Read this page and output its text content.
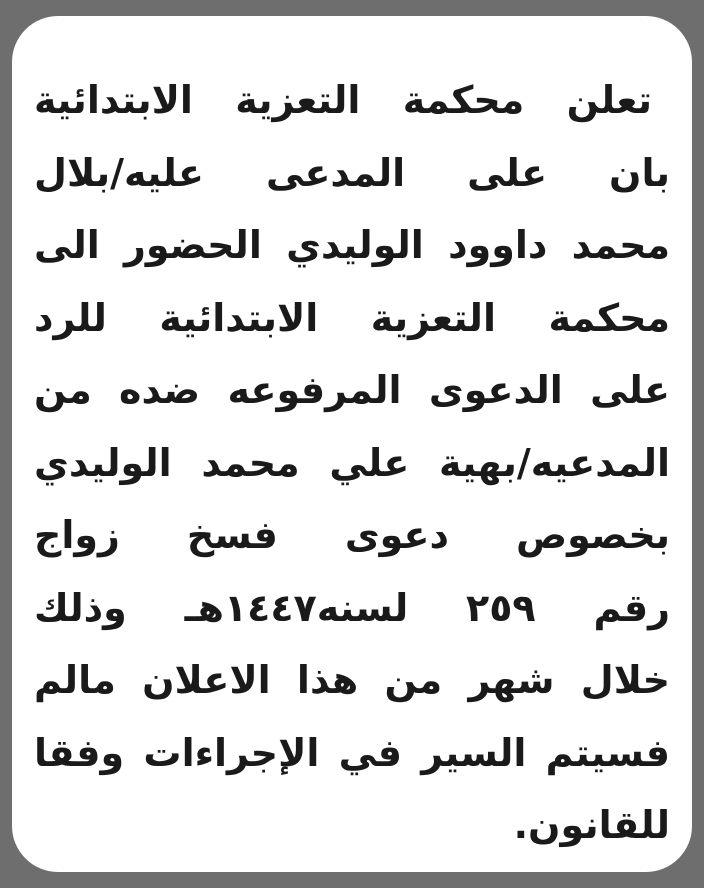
تعلن محكمة التعزية الابتدائية
بان على المدعى عليه/بلال
محمد داوود الوليدي الحضور الى
محكمة التعزية الابتدائية للرد
على الدعوى المرفوعه ضده من
المدعيه/بهية علي محمد الوليدي
بخصوص دعوى فسخ زواج
رقم ٢٥٩ لسنه١٤٤٧هـ وذلك
خلال شهر من هذا الاعلان مالم
فسيتم السير في الإجراءات وفقا
للقانون.
